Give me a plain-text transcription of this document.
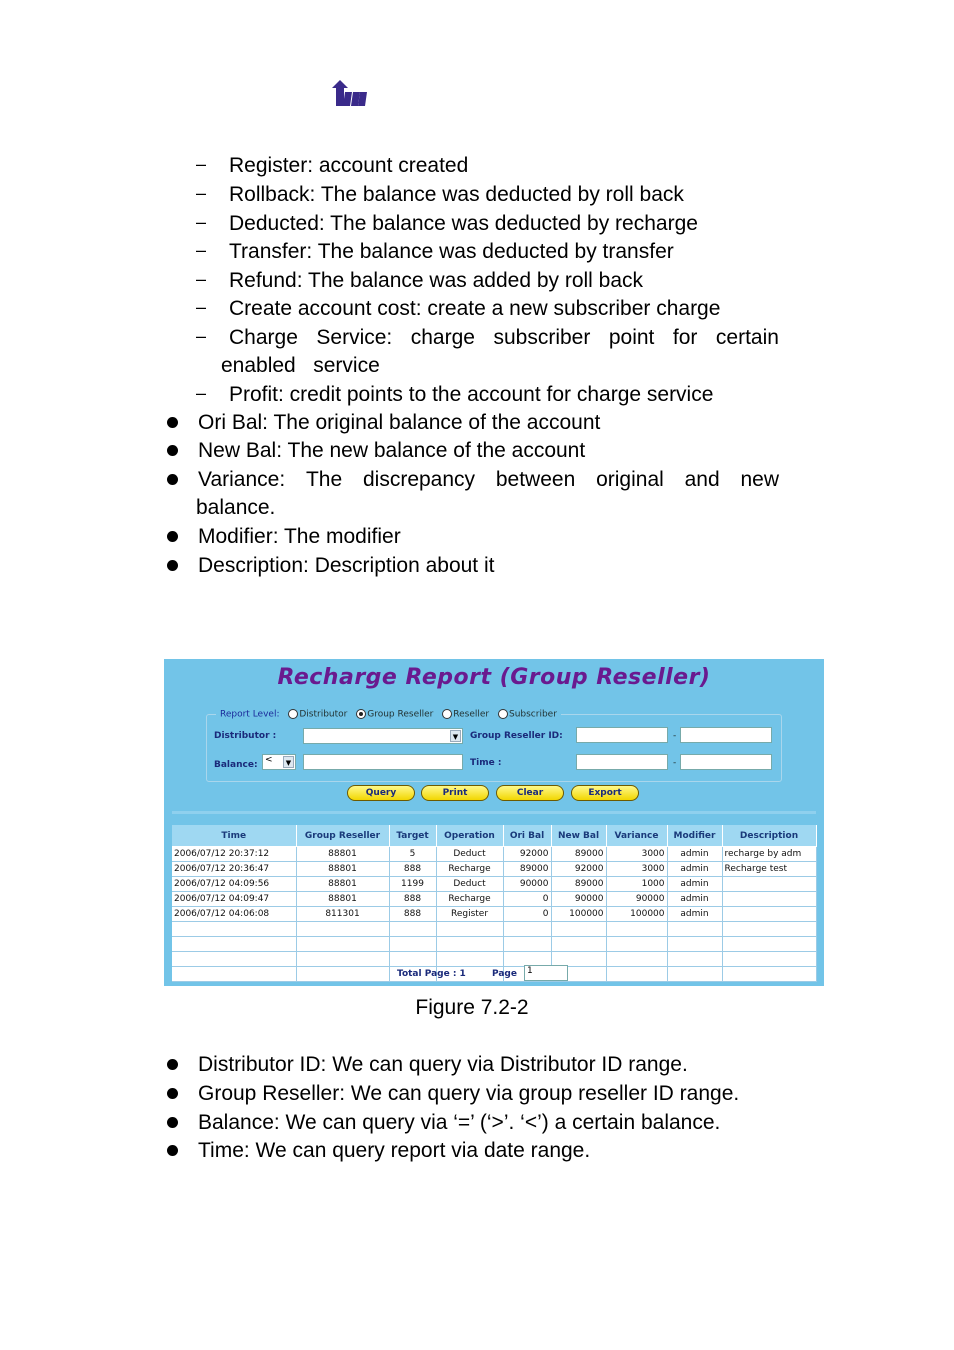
– Register: account created
– Rollback: The balance was deducted by roll back
– Deducted: The balance was deducted by recharge
– Transfer: The balance was deducted by transfer
– Refund: The balance was added by roll back
– Create account cost: create a new subscriber charge
– Charge Service: charge subscriber point for certain
enabled   service
– Profit: credit points to the account for charge service
Ori Bal: The original balance of the account
New Bal: The new balance of the account
Variance: The discrepancy between original and new
balance.
Modifier: The modifier
Description: Description about it
Recharge Report (Group Reseller)
Report Level: Distributor Group Reseller Reseller Subscriber
Distributor :	▼	Group Reseller ID:	-
Balance: <	▼	Time :	-
Query	Print	Clear	Export
Time	Group Reseller	Target	Operation	Ori Bal	New Bal	Variance	Modifier	Description
2006/07/12 20:37:12	88801	5	Deduct	92000	89000	3000	admin	recharge by adm
2006/07/12 20:36:47	88801	888	Recharge	89000	92000	3000	admin	Recharge test
2006/07/12 04:09:56	88801	1199	Deduct	90000	89000	1000	admin	
2006/07/12 04:09:47	88801	888	Recharge	0	90000	90000	admin	
2006/07/12 04:06:08	811301	888	Register	0	100000	100000	admin	

Total Page : 1	Page	1
Figure 7.2-2
Distributor ID: We can query via Distributor ID range.
Group Reseller: We can query via group reseller ID range.
Balance: We can query via ‘=’ (‘>’. ‘<’) a certain balance.
Time: We can query report via date range.
